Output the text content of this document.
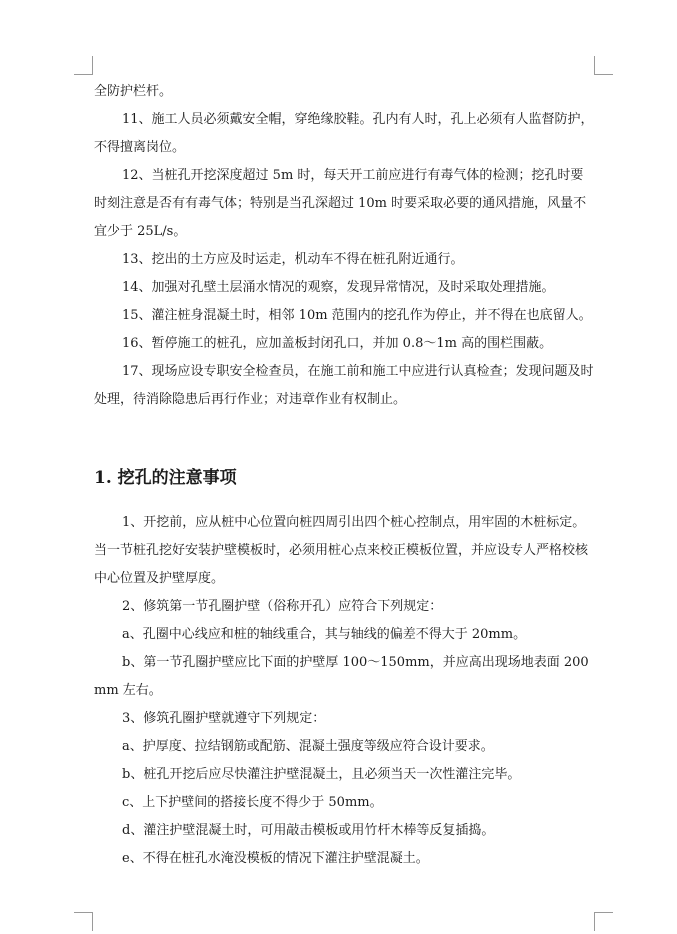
全防护栏杆。

11、施工人员必须戴安全帽，穿绝缘胶鞋。孔内有人时，孔上必须有人监督防护，不得擅离岗位。

12、当桩孔开挖深度超过 5m 时，每天开工前应进行有毒气体的检测；挖孔时要时刻注意是否有有毒气体；特别是当孔深超过 10m 时要采取必要的通风措施，风量不宜少于 25L/s。

13、挖出的土方应及时运走，机动车不得在桩孔附近通行。

14、加强对孔壁土层涌水情况的观察，发现异常情况，及时采取处理措施。

15、灌注桩身混凝土时，相邻 10m 范围内的挖孔作为停止，并不得在也底留人。

16、暂停施工的桩孔，应加盖板封闭孔口，并加 0.8～1m 高的围栏围蔽。

17、现场应设专职安全检查员，在施工前和施工中应进行认真检查；发现问题及时处理，待消除隐患后再行作业；对违章作业有权制止。

1. 挖孔的注意事项

1、开挖前，应从桩中心位置向桩四周引出四个桩心控制点，用牢固的木桩标定。当一节桩孔挖好安装护壁模板时，必须用桩心点来校正模板位置，并应设专人严格校核中心位置及护壁厚度。

2、修筑第一节孔圈护壁（俗称开孔）应符合下列规定：

a、孔圈中心线应和桩的轴线重合，其与轴线的偏差不得大于 20mm。

b、第一节孔圈护壁应比下面的护壁厚 100～150mm，并应高出现场地表面 200mm 左右。

3、修筑孔圈护壁就遵守下列规定：

a、护厚度、拉结钢筋或配筋、混凝土强度等级应符合设计要求。

b、桩孔开挖后应尽快灌注护壁混凝土，且必须当天一次性灌注完毕。

c、上下护壁间的搭接长度不得少于 50mm。

d、灌注护壁混凝土时，可用敲击模板或用竹杆木棒等反复插捣。

e、不得在桩孔水淹没模板的情况下灌注护壁混凝土。
